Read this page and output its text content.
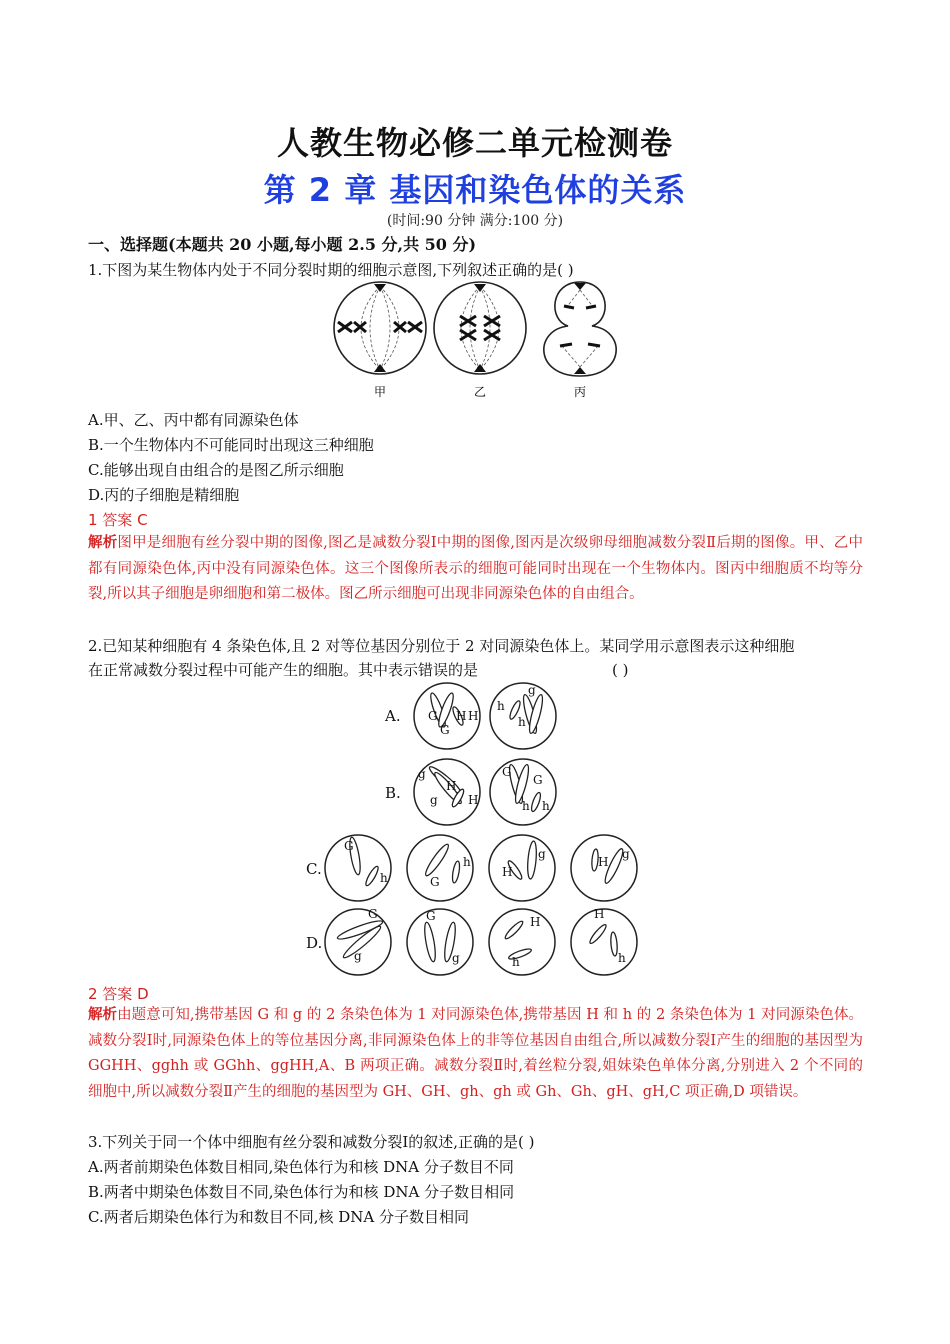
人教生物必修二单元检测卷
第 2 章 基因和染色体的关系
(时间:90 分钟 满分:100 分)
一、选择题(本题共 20 小题,每小题 2.5 分,共 50 分)
1.下图为某生物体内处于不同分裂时期的细胞示意图,下列叙述正确的是( )
甲	乙	丙
A.甲、乙、丙中都有同源染色体
B.一个生物体内不可能同时出现这三种细胞
C.能够出现自由组合的是图乙所示细胞
D.丙的子细胞是精细胞
1 答案 C
解析图甲是细胞有丝分裂中期的图像,图乙是减数分裂Ⅰ中期的图像,图丙是次级卵母细胞减数分裂Ⅱ后期的图像。甲、乙中都有同源染色体,丙中没有同源染色体。这三个图像所表示的细胞可能同时出现在一个生物体内。图丙中细胞质不均等分裂,所以其子细胞是卵细胞和第二极体。图乙所示细胞可出现非同源染色体的自由组合。
2.已知某种细胞有 4 条染色体,且 2 对等位基因分别位于 2 对同源染色体上。某同学用示意图表示这种细胞
在正常减数分裂过程中可能产生的细胞。其中表示错误的是	( )
A.
B.
C.
D.
G
G
H H
h
h
g
g
g
H
H
G
G
h h
G
h	G
h
H
g
H
g
G
g
G
g
H
h
H
h
2 答案 D
解析由题意可知,携带基因 G 和 g 的 2 条染色体为 1 对同源染色体,携带基因 H 和 h 的 2 条染色体为 1 对同源染色体。减数分裂Ⅰ时,同源染色体上的等位基因分离,非同源染色体上的非等位基因自由组合,所以减数分裂Ⅰ产生的细胞的基因型为 GGHH、gghh 或 GGhh、ggHH,A、B 两项正确。减数分裂Ⅱ时,着丝粒分裂,姐妹染色单体分离,分别进入 2 个不同的细胞中,所以减数分裂Ⅱ产生的细胞的基因型为 GH、GH、gh、gh 或 Gh、Gh、gH、gH,C 项正确,D 项错误。
3.下列关于同一个体中细胞有丝分裂和减数分裂Ⅰ的叙述,正确的是( )
A.两者前期染色体数目相同,染色体行为和核 DNA 分子数目不同
B.两者中期染色体数目不同,染色体行为和核 DNA 分子数目相同
C.两者后期染色体行为和数目不同,核 DNA 分子数目相同
